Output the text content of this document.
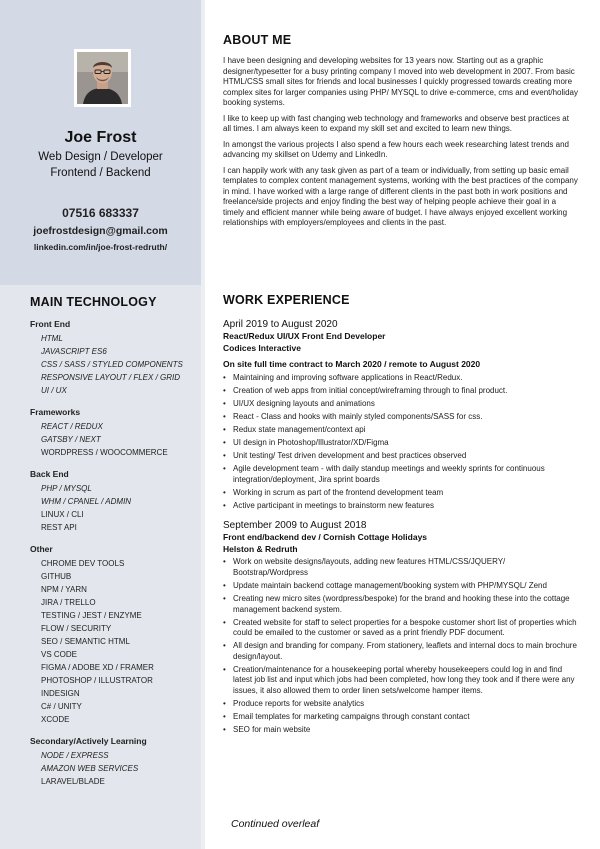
Joe Frost
Web Design / Developer
Frontend / Backend
07516 683337
joefrostdesign@gmail.com
linkedin.com/in/joe-frost-redruth/
MAIN TECHNOLOGY
Front End
HTML
JAVASCRIPT ES6
CSS / SASS / STYLED COMPONENTS
RESPONSIVE LAYOUT / FLEX / GRID
UI / UX
Frameworks
REACT / REDUX
GATSBY / NEXT
WORDPRESS / WOOCOMMERCE
Back End
PHP / MYSQL
WHM / CPANEL / ADMIN
LINUX / CLI
REST API
Other
CHROME DEV TOOLS
GITHUB
NPM / YARN
JIRA / TRELLO
TESTING / JEST / ENZYME
FLOW / SECURITY
SEO / SEMANTIC HTML
VS CODE
FIGMA / ADOBE XD / FRAMER
PHOTOSHOP / ILLUSTRATOR
INDESIGN
C# / UNITY
XCODE
Secondary/Actively Learning
NODE / EXPRESS
AMAZON WEB SERVICES
LARAVEL/BLADE
ABOUT ME

I have been designing and developing websites for 13 years now. Starting out as a graphic designer/typesetter for a busy printing company I moved into web development in 2007. From basic HTML/CSS small sites for friends and local businesses I quickly progressed towards creating more complex sites for larger companies using PHP/ MYSQL to drive e-commerce, cms and event/holiday booking systems.

I like to keep up with fast changing web technology and frameworks and observe best practices at all times. I am always keen to expand my skill set and excited to learn new things.

In amongst the various projects I also spend a few hours each week researching latest trends and advancing my skillset on Udemy and LinkedIn.

I can happily work with any task given as part of a team or individually, from setting up basic email templates to complex content management systems, working with the best practices of the company in mind. I have worked with a large range of different clients in the past both in work positions and freelance/side projects and enjoy finding the best way of helping people achieve their goal in a timely and efficient manner while being aware of budget. I have always enjoyed excellent working relationships with employers/employees and clients in the past.

WORK EXPERIENCE
April 2019 to August 2020
React/Redux UI/UX Front End Developer
Codices Interactive
On site full time contract to March 2020 / remote to August 2020
• Maintaining and improving software applications in React/Redux.
• Creation of web apps from initial concept/wireframing through to final product.
• UI/UX designing layouts and animations
• React - Class and hooks with mainly styled components/SASS for css.
• Redux state management/context api
• UI design in Photoshop/Illustrator/XD/Figma
• Unit testing/ Test driven development and best practices observed
• Agile development team - with daily standup meetings and weekly sprints for continuous integration/deployment, Jira sprint boards
• Working in scrum as part of the frontend development team
• Active participant in meetings to brainstorm new features
September 2009 to August 2018
Front end/backend dev / Cornish Cottage Holidays
Helston & Redruth
• Work on website designs/layouts, adding new features HTML/CSS/JQUERY/ Bootstrap/Wordpress
• Update maintain backend cottage management/booking system with PHP/MYSQL/ Zend
• Creating new micro sites (wordpress/bespoke) for the brand and hooking these into the cottage management backend system.
• Created website for staff to select properties for a bespoke customer short list of properties which could be emailed to the customer or saved as a print friendly PDF document.
• All design and branding for company. From stationery, leaflets and internal docs to main brochure design/layout.
• Creation/maintenance for a housekeeping portal whereby housekeepers could log in and find latest job list and input which jobs had been completed, how long they took and if there were any issues, it also allowed them to order linen sets/welcome hamper items.
• Produce reports for website analytics
• Email templates for marketing campaigns through constant contact
• SEO for main website
Continued overleaf
